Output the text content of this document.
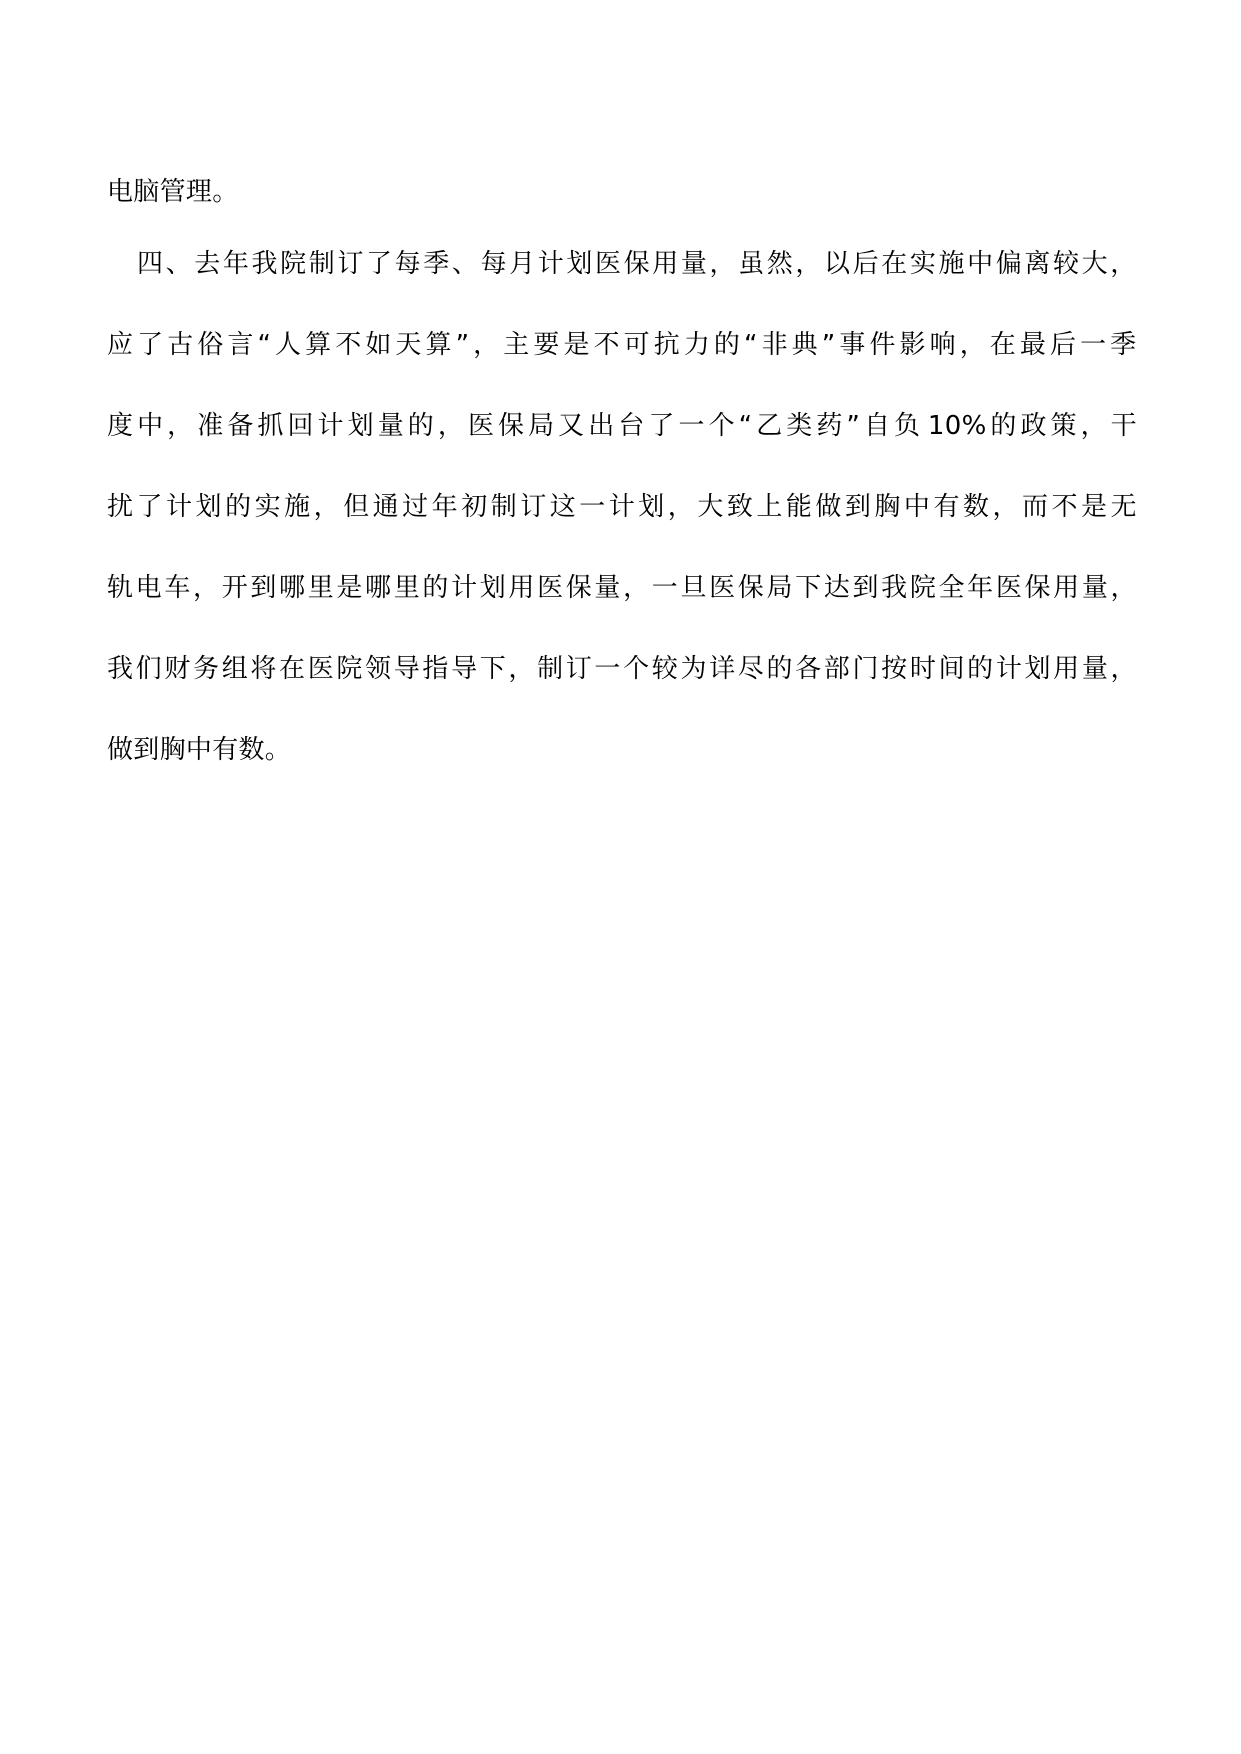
电脑管理。
四 、 去 年 我 院 制 订 了 每 季 、 每 月 计 划 医 保 用 量 ， 虽 然 ， 以 后 在 实 施 中 偏 离 较 大 ，
应 了 古 俗 言 “ 人 算 不 如 天 算 ” ， 主 要 是 不 可 抗 力 的 “ 非 典 ” 事 件 影 响 ， 在 最 后 一 季
度 中 ， 准 备 抓 回 计 划 量 的 ， 医 保 局 又 出 台 了 一 个 “ 乙 类 药 ” 自 负 10% 的 政 策 ， 干
扰 了 计 划 的 实 施 ， 但 通 过 年 初 制 订 这 一 计 划 ， 大 致 上 能 做 到 胸 中 有 数 ， 而 不 是 无
轨 电 车 ， 开 到 哪 里 是 哪 里 的 计 划 用 医 保 量 ， 一 旦 医 保 局 下 达 到 我 院 全 年 医 保 用 量 ，
我 们 财 务 组 将 在 医 院 领 导 指 导 下 ， 制 订 一 个 较 为 详 尽 的 各 部 门 按 时 间 的 计 划 用 量 ，
做到胸中有数。
